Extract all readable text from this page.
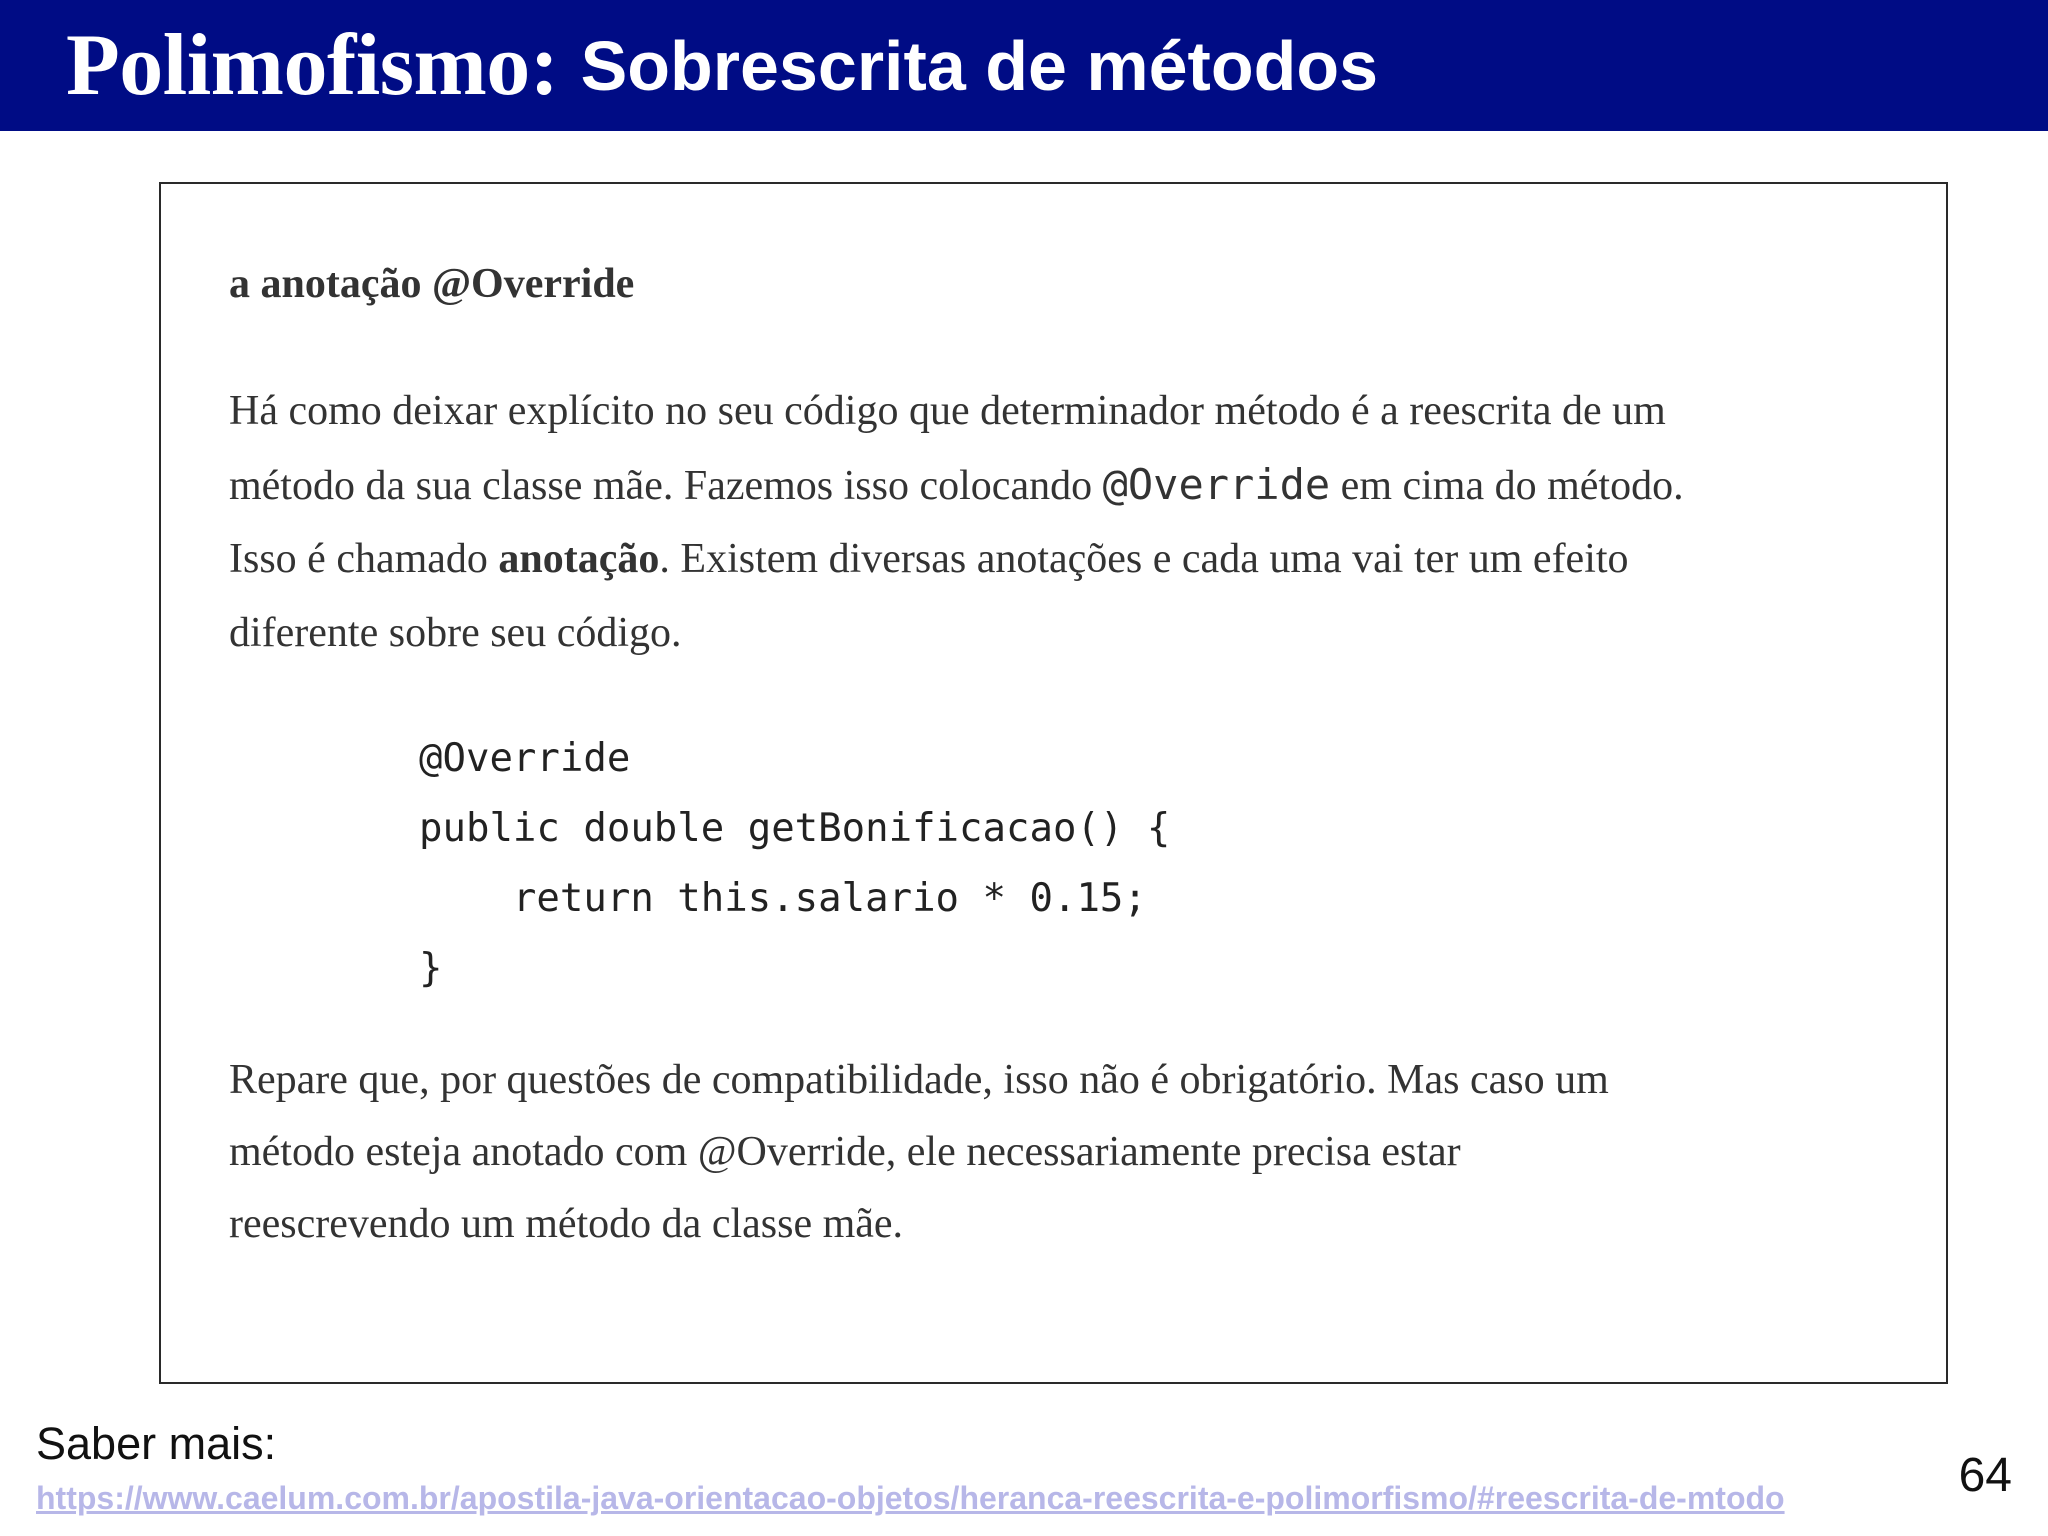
Polimofismo: Sobrescrita de métodos
a anotação @Override
Há como deixar explícito no seu código que determinador método é a reescrita de um
método da sua classe mãe. Fazemos isso colocando @Override em cima do método.
Isso é chamado anotação. Existem diversas anotações e cada uma vai ter um efeito
diferente sobre seu código.
@Override
public double getBonificacao() {
return this.salario * 0.15;
}
Repare que, por questões de compatibilidade, isso não é obrigatório. Mas caso um
método esteja anotado com @Override, ele necessariamente precisa estar
reescrevendo um método da classe mãe.
Saber mais:
https://www.caelum.com.br/apostila-java-orientacao-objetos/heranca-reescrita-e-polimorfismo/#reescrita-de-mtodo	64
